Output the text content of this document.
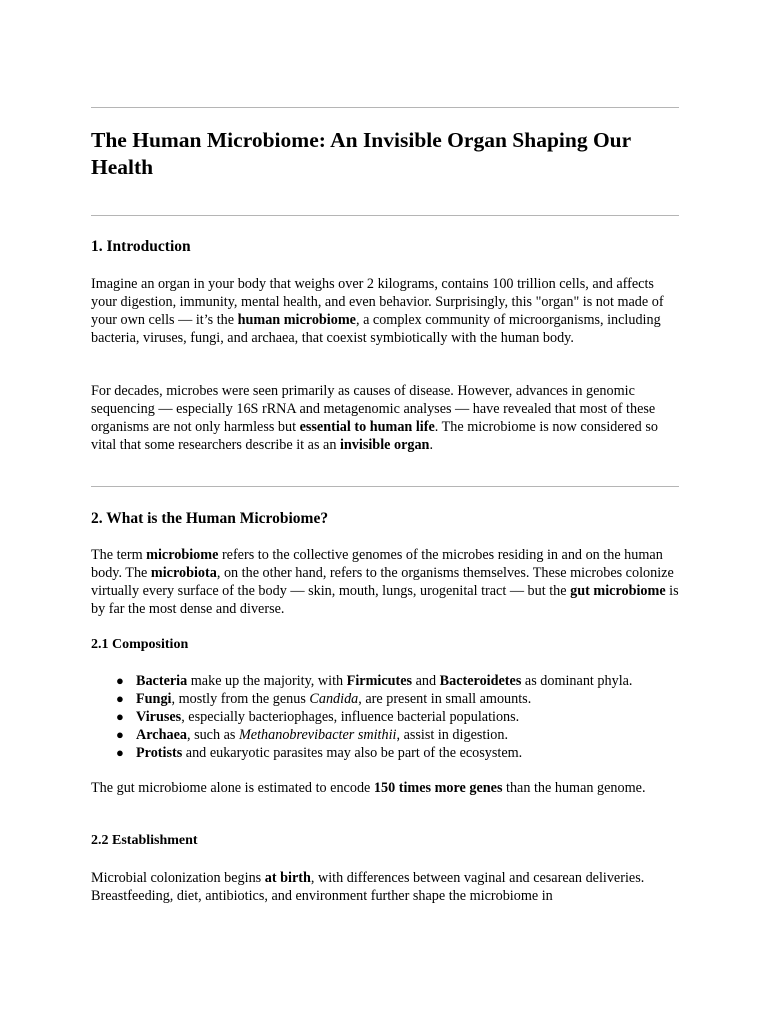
The Human Microbiome: An Invisible Organ Shaping Our Health
1. Introduction

Imagine an organ in your body that weighs over 2 kilograms, contains 100 trillion cells, and affects your digestion, immunity, mental health, and even behavior. Surprisingly, this "organ" is not made of your own cells — it’s the human microbiome, a complex community of microorganisms, including bacteria, viruses, fungi, and archaea, that coexist symbiotically with the human body.

For decades, microbes were seen primarily as causes of disease. However, advances in genomic sequencing — especially 16S rRNA and metagenomic analyses — have revealed that most of these organisms are not only harmless but essential to human life. The microbiome is now considered so vital that some researchers describe it as an invisible organ.

2. What is the Human Microbiome?

The term microbiome refers to the collective genomes of the microbes residing in and on the human body. The microbiota, on the other hand, refers to the organisms themselves. These microbes colonize virtually every surface of the body — skin, mouth, lungs, urogenital tract — but the gut microbiome is by far the most dense and diverse.

2.1 Composition
● Bacteria make up the majority, with Firmicutes and Bacteroidetes as dominant phyla.
● Fungi, mostly from the genus Candida, are present in small amounts.
● Viruses, especially bacteriophages, influence bacterial populations.
● Archaea, such as Methanobrevibacter smithii, assist in digestion.
● Protists and eukaryotic parasites may also be part of the ecosystem.

The gut microbiome alone is estimated to encode 150 times more genes than the human genome.

2.2 Establishment

Microbial colonization begins at birth, with differences between vaginal and cesarean deliveries. Breastfeeding, diet, antibiotics, and environment further shape the microbiome in
